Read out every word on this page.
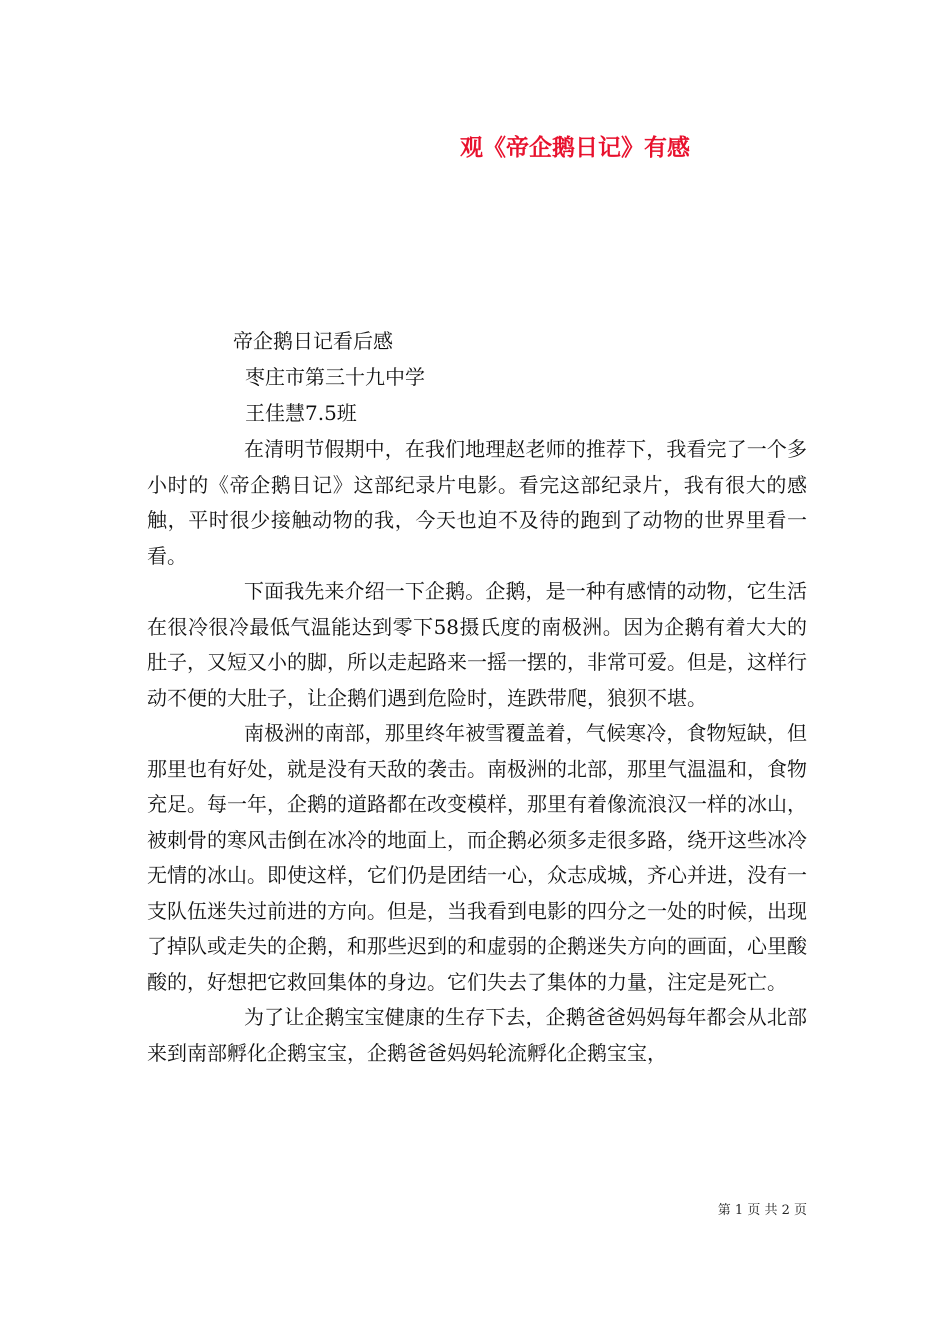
观《帝企鹅日记》有感
帝企鹅日记看后感
枣庄市第三十九中学
王佳慧7.5班

在清明节假期中，在我们地理赵老师的推荐下，我看完了一个多小时的《帝企鹅日记》这部纪录片电影。看完这部纪录片，我有很大的感触，平时很少接触动物的我，今天也迫不及待的跑到了动物的世界里看一看。

下面我先来介绍一下企鹅。企鹅，是一种有感情的动物，它生活在很冷很冷最低气温能达到零下58摄氏度的南极洲。因为企鹅有着大大的肚子，又短又小的脚，所以走起路来一摇一摆的，非常可爱。但是，这样行动不便的大肚子，让企鹅们遇到危险时，连跌带爬，狼狈不堪。

南极洲的南部，那里终年被雪覆盖着，气候寒冷，食物短缺，但那里也有好处，就是没有天敌的袭击。南极洲的北部，那里气温温和，食物充足。每一年，企鹅的道路都在改变模样，那里有着像流浪汉一样的冰山，被刺骨的寒风击倒在冰冷的地面上，而企鹅必须多走很多路，绕开这些冰冷无情的冰山。即使这样，它们仍是团结一心，众志成城，齐心并进，没有一支队伍迷失过前进的方向。但是，当我看到电影的四分之一处的时候，出现了掉队或走失的企鹅，和那些迟到的和虚弱的企鹅迷失方向的画面，心里酸酸的，好想把它救回集体的身边。它们失去了集体的力量，注定是死亡。

为了让企鹅宝宝健康的生存下去，企鹅爸爸妈妈每年都会从北部来到南部孵化企鹅宝宝，企鹅爸爸妈妈轮流孵化企鹅宝宝，

第 1 页 共 2 页
